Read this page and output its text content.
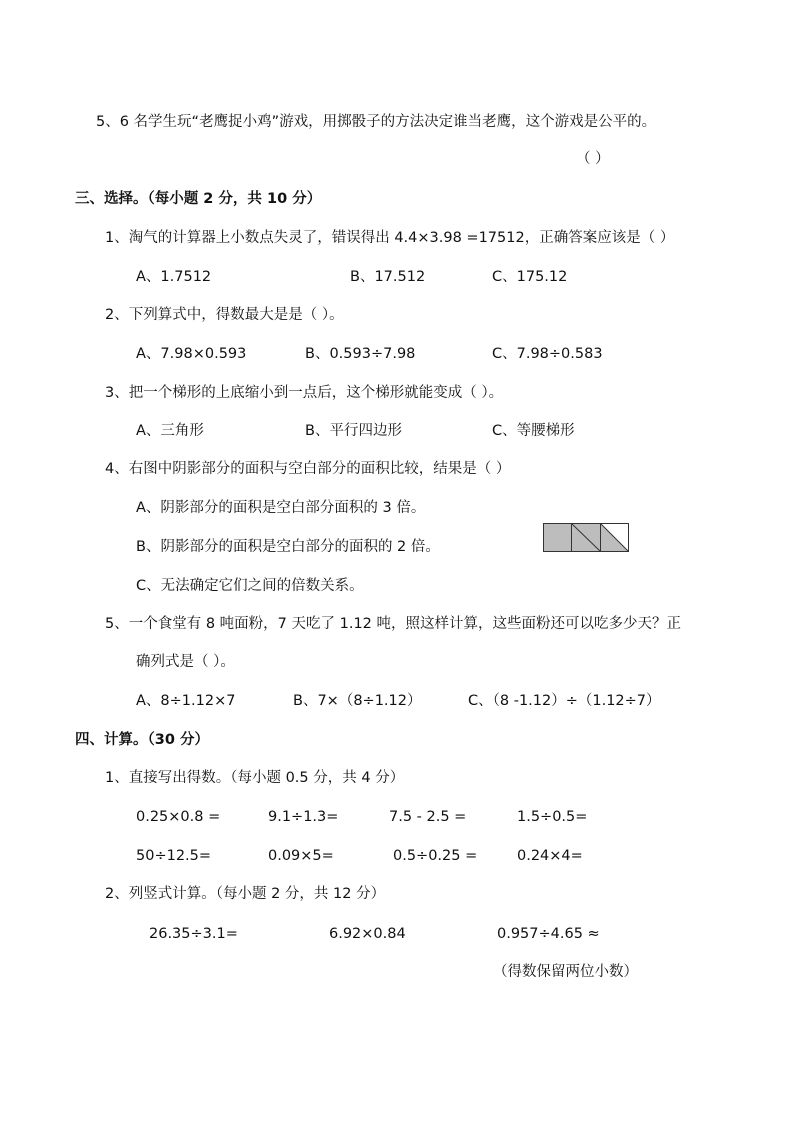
5、6 名学生玩“老鹰捉小鸡”游戏，用掷骰子的方法决定谁当老鹰，这个游戏是公平的。
（ ）
三、选择。（每小题 2 分，共 10 分）
1、淘气的计算器上小数点失灵了，错误得出 4.4×3.98 =17512，正确答案应该是（ ）
A、1.7512	B、17.512	C、175.12
2、下列算式中，得数最大是是（ ）。
A、7.98×0.593	B、0.593÷7.98	C、7.98÷0.583
3、把一个梯形的上底缩小到一点后，这个梯形就能变成（ ）。
A、三角形	B、平行四边形	C、等腰梯形
4、右图中阴影部分的面积与空白部分的面积比较，结果是（ ）
A、阴影部分的面积是空白部分面积的 3 倍。
B、阴影部分的面积是空白部分的面积的 2 倍。
C、无法确定它们之间的倍数关系。
5、一个食堂有 8 吨面粉，7 天吃了 1.12 吨，照这样计算，这些面粉还可以吃多少天？正
确列式是（ ）。
A、8÷1.12×7	B、7×（8÷1.12）	C、（8 -1.12）÷（1.12÷7）
四、计算。（30 分）
1、直接写出得数。（每小题 0.5 分，共 4 分）
0.25×0.8 =	9.1÷1.3=	7.5 - 2.5 =	1.5÷0.5=
50÷12.5=	0.09×5=	0.5÷0.25 =	0.24×4=
2、列竖式计算。（每小题 2 分，共 12 分）
26.35÷3.1=	6.92×0.84	0.957÷4.65 ≈
（得数保留两位小数）
